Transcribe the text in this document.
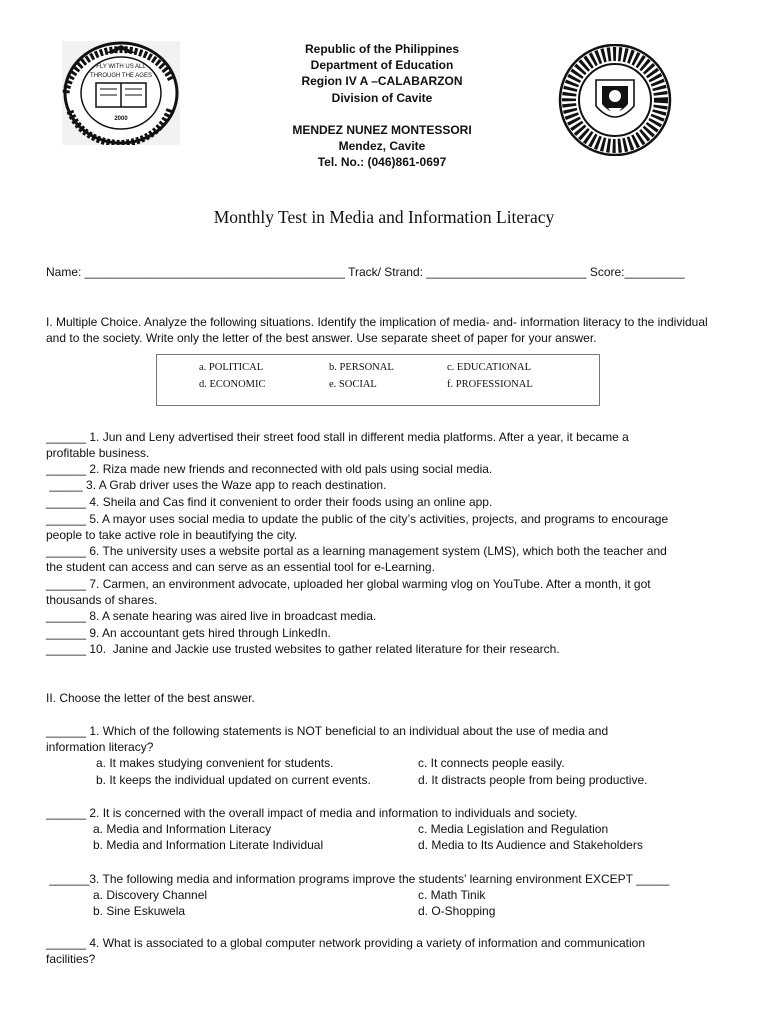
FLY WITH US ALL
THROUGH THE AGES
2000
Republic of the Philippines
Department of Education
Region IV A –CALABARZON
Division of Cavite
MENDEZ NUNEZ MONTESSORI
Mendez, Cavite
Tel. No.: (046)861-0697
Monthly Test in Media and Information Literacy
Name: _______________________________________ Track/ Strand: ________________________ Score:_________
I. Multiple Choice. Analyze the following situations. Identify the implication of media- and- information literacy to the individual and to the society. Write only the letter of the best answer. Use separate sheet of paper for your answer.
a. POLITICAL	b. PERSONAL	c. EDUCATIONAL
d. ECONOMIC	e. SOCIAL	f. PROFESSIONAL
______ 1. Jun and Leny advertised their street food stall in different media platforms. After a year, it became a
profitable business.
______ 2. Riza made new friends and reconnected with old pals using social media.
_____ 3. A Grab driver uses the Waze app to reach destination.
______ 4. Sheila and Cas find it convenient to order their foods using an online app.
______ 5. A mayor uses social media to update the public of the city’s activities, projects, and programs to encourage
people to take active role in beautifying the city.
______ 6. The university uses a website portal as a learning management system (LMS), which both the teacher and
the student can access and can serve as an essential tool for e-Learning.
______ 7. Carmen, an environment advocate, uploaded her global warming vlog on YouTube. After a month, it got
thousands of shares.
______ 8. A senate hearing was aired live in broadcast media.
______ 9. An accountant gets hired through LinkedIn.
______ 10.  Janine and Jackie use trusted websites to gather related literature for their research.
II. Choose the letter of the best answer.
______ 1. Which of the following statements is NOT beneficial to an individual about the use of media and
information literacy?
a. It makes studying convenient for students.	c. It connects people easily.
b. It keeps the individual updated on current events.	d. It distracts people from being productive.
______ 2. It is concerned with the overall impact of media and information to individuals and society.
a. Media and Information Literacy	c. Media Legislation and Regulation
b. Media and Information Literate Individual	d. Media to Its Audience and Stakeholders
______3. The following media and information programs improve the students’ learning environment EXCEPT _____
a. Discovery Channel	c. Math Tinik
b. Sine Eskuwela	d. O-Shopping
______ 4. What is associated to a global computer network providing a variety of information and communication
facilities?
